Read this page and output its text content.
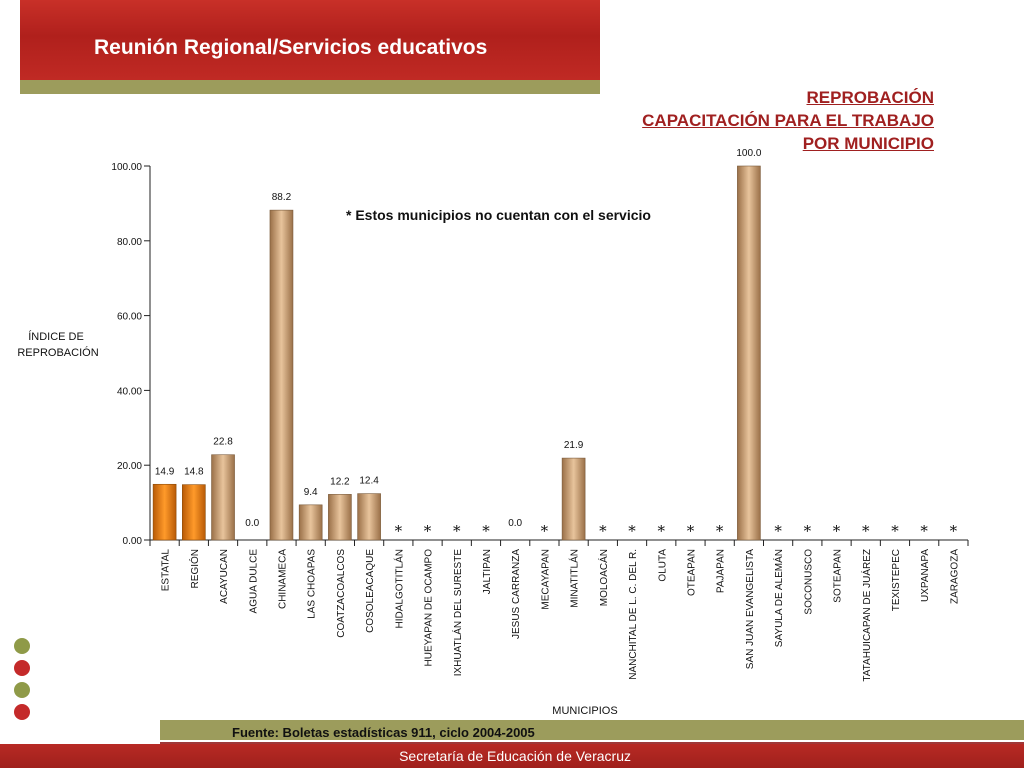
Reunión Regional/Servicios educativos
REPROBACIÓN
CAPACITACIÓN PARA EL TRABAJO
POR MUNICIPIO
0.00
20.00
40.00
60.00
80.00
100.00
ESTATAL REGIÓN ACAYUCAN AGUA DULCE CHINAMECA LAS CHOAPAS COATZACOALCOS COSOLEACAQUE HIDALGOTITLÁN HUEYAPAN DE OCAMPO IXHUATLÁN DEL SURESTE JALTIPAN JESUS CARRANZA MECAYAPAN MINATITLÁN MOLOACÁN NANCHITAL DE L. C. DEL R. OLUTA OTEAPAN PAJAPAN SAN JUAN EVANGELISTA SAYULA DE ALEMÁN SOCONUSCO SOTEAPAN TATAHUICAPAN DE JUÁREZ TEXISTEPEC UXPANAPA ZARAGOZA
14.9 14.8
22.8
0.0
88.2
9.4
12.2 12.4
* * * * 0.0 *
21.9
* * * * *
100.0
* * * * * * *
ÍNDICE DE
REPROBACIÓN
MUNICIPIOS
* Estos municipios no cuentan con el servicio
Fuente: Boletas estadísticas 911, ciclo 2004-2005
Secretaría de Educación de Veracruz
